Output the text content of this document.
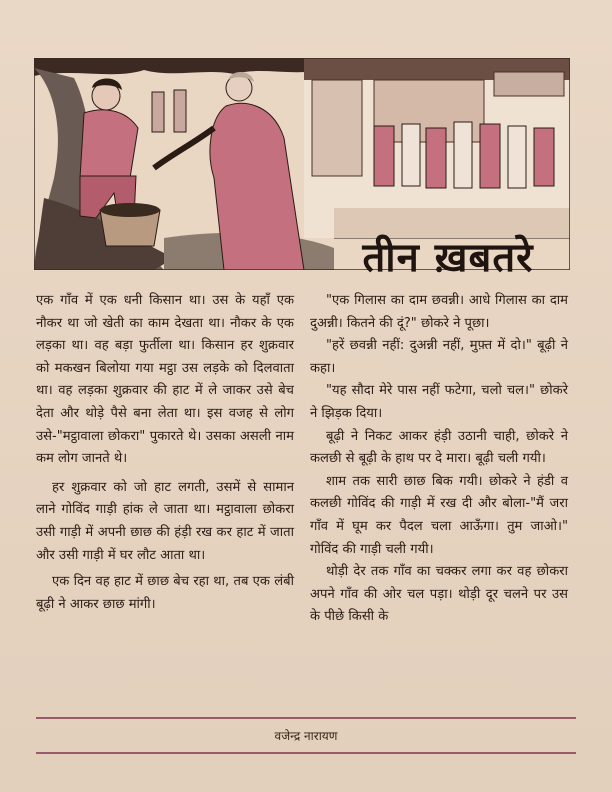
तीन ख़बतरे

एक गाँव में एक धनी किसान था। उस के यहाँ एक नौकर था जो खेती का काम देखता था। नौकर के एक लड़का था। वह बड़ा फुर्तीला था। किसान हर शुक्रवार को मकखन बिलोया गया मट्ठा उस लड़के को दिलवाता था। वह लड़का शुक्रवार की हाट में ले जाकर उसे बेच देता और थोड़े पैसे बना लेता था। इस वजह से लोग उसे-"मट्ठावाला छोकरा" पुकारते थे। उसका असली नाम कम लोग जानते थे।

हर शुक्रवार को जो हाट लगती, उसमें से सामान लाने गोविंद गाड़ी हांक ले जाता था। मट्ठावाला छोकरा उसी गाड़ी में अपनी छाछ की हंड़ी रख कर हाट में जाता और उसी गाड़ी में घर लौट आता था।

एक दिन वह हाट में छाछ बेच रहा था, तब एक लंबी बूढ़ी ने आकर छाछ मांगी।

"एक गिलास का दाम छवन्नी। आधे गिलास का दाम दुअन्नी। कितने की दूं?" छोकरे ने पूछा।

"हरें छवन्नी नहीं: दुअन्नी नहीं, मुफ़्त में दो।" बूढ़ी ने कहा।

"यह सौदा मेरे पास नहीं फटेगा, चलो चल।" छोकरे ने झिड़क दिया।

बूढ़ी ने निकट आकर हंड़ी उठानी चाही, छोकरे ने कलछी से बूढ़ी के हाथ पर दे मारा। बूढ़ी चली गयी।

शाम तक सारी छाछ बिक गयी। छोकरे ने हंडी व कलछी गोविंद की गाड़ी में रख दी और बोला-"मैं जरा गाँव में घूम कर पैदल चला आऊँगा। तुम जाओ।" गोविंद की गाड़ी चली गयी।

थोड़ी देर तक गाँव का चक्कर लगा कर वह छोकरा अपने गाँव की ओर चल पड़ा। थोड़ी दूर चलने पर उस के पीछे किसी के

वजेन्द्र नारायण
